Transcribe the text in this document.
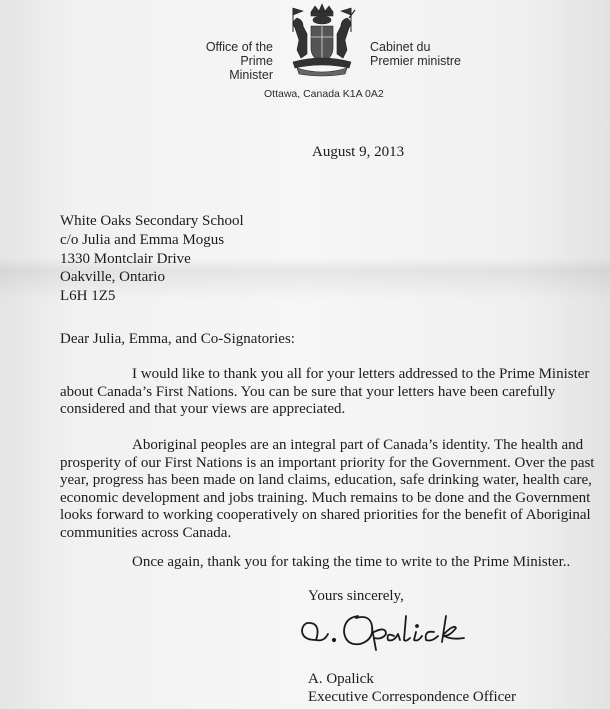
Office of the
Prime Minister
Cabinet du
Premier ministre
Ottawa, Canada K1A 0A2
August 9, 2013
White Oaks Secondary School
c/o Julia and Emma Mogus
1330 Montclair Drive
Oakville, Ontario
L6H 1Z5
Dear Julia, Emma, and Co-Signatories:
I would like to thank you all for your letters addressed to the Prime Minister about Canada’s First Nations. You can be sure that your letters have been carefully considered and that your views are appreciated.
Aboriginal peoples are an integral part of Canada’s identity. The health and prosperity of our First Nations is an important priority for the Government. Over the past year, progress has been made on land claims, education, safe drinking water, health care, economic development and jobs training. Much remains to be done and the Government looks forward to working cooperatively on shared priorities for the benefit of Aboriginal communities across Canada.
Once again, thank you for taking the time to write to the Prime Minister..
Yours sincerely,
A. Opalick
Executive Correspondence Officer
